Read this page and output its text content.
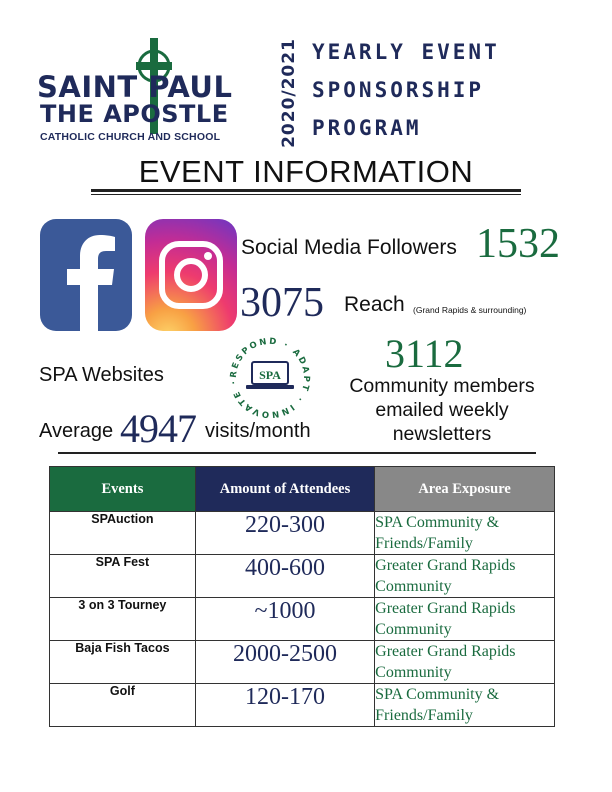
SAINT PAUL
THE APOSTLE
CATHOLIC CHURCH AND SCHOOL	2020/2021 YEARLY EVENT
SPONSORSHIP
PROGRAM
EVENT INFORMATION
Social Media Followers 1532
3075 Reach (Grand Rapids & surrounding)
SPA Websites	RESPOND · ADAPT · INNOVATE ·	SPA	3112
Community members
emailed weekly
newsletters
Average 4947 visits/month
Events	Amount of Attendees	Area Exposure
SPAuction	220-300	SPA Community &
Friends/Family

SPA Fest	400-600	Greater Grand Rapids
Community

3 on 3 Tourney	~1000	Greater Grand Rapids
Community

Baja Fish Tacos	2000-2500	Greater Grand Rapids
Community

Golf	120-170	SPA Community &
Friends/Family
